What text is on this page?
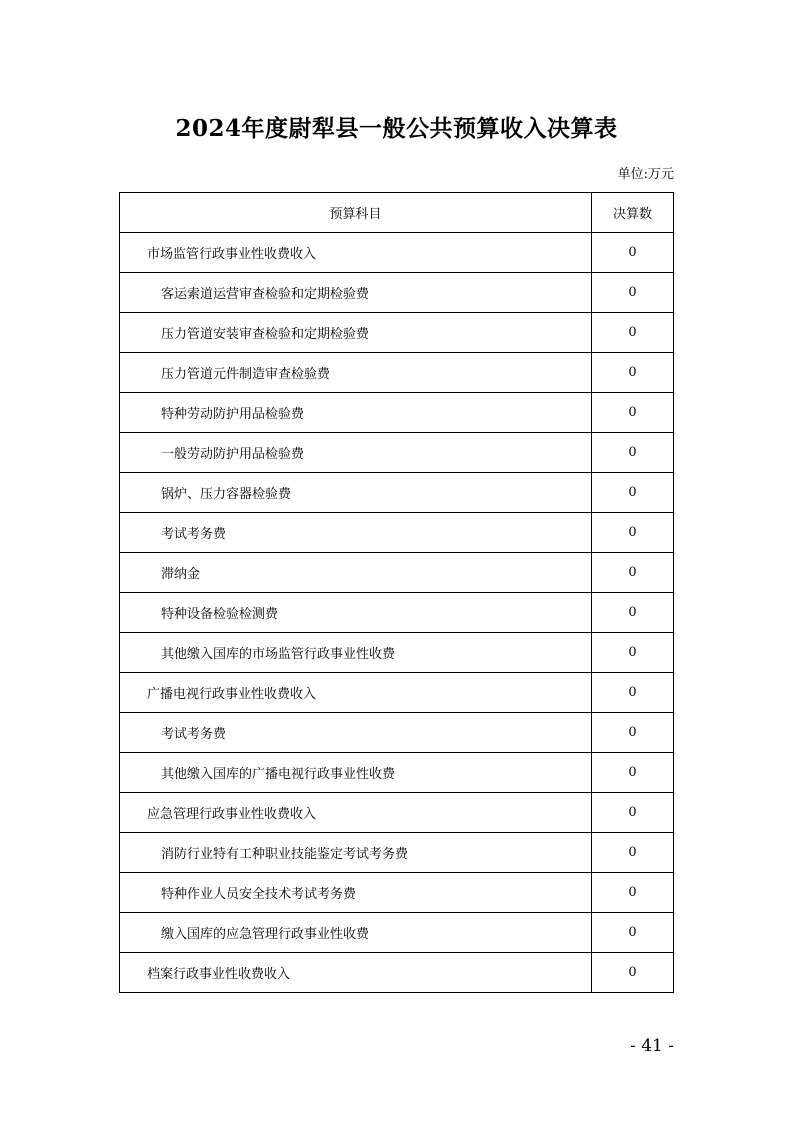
2024年度尉犁县一般公共预算收入决算表
单位:万元
预算科目	决算数
市场监管行政事业性收费收入	0
客运索道运营审查检验和定期检验费	0
压力管道安装审查检验和定期检验费	0
压力管道元件制造审查检验费	0
特种劳动防护用品检验费	0
一般劳动防护用品检验费	0
锅炉、压力容器检验费	0
考试考务费	0
滞纳金	0
特种设备检验检测费	0
其他缴入国库的市场监管行政事业性收费	0
广播电视行政事业性收费收入	0
考试考务费	0
其他缴入国库的广播电视行政事业性收费	0
应急管理行政事业性收费收入	0
消防行业特有工种职业技能鉴定考试考务费	0
特种作业人员安全技术考试考务费	0
缴入国库的应急管理行政事业性收费	0
档案行政事业性收费收入	0
- 41 -
